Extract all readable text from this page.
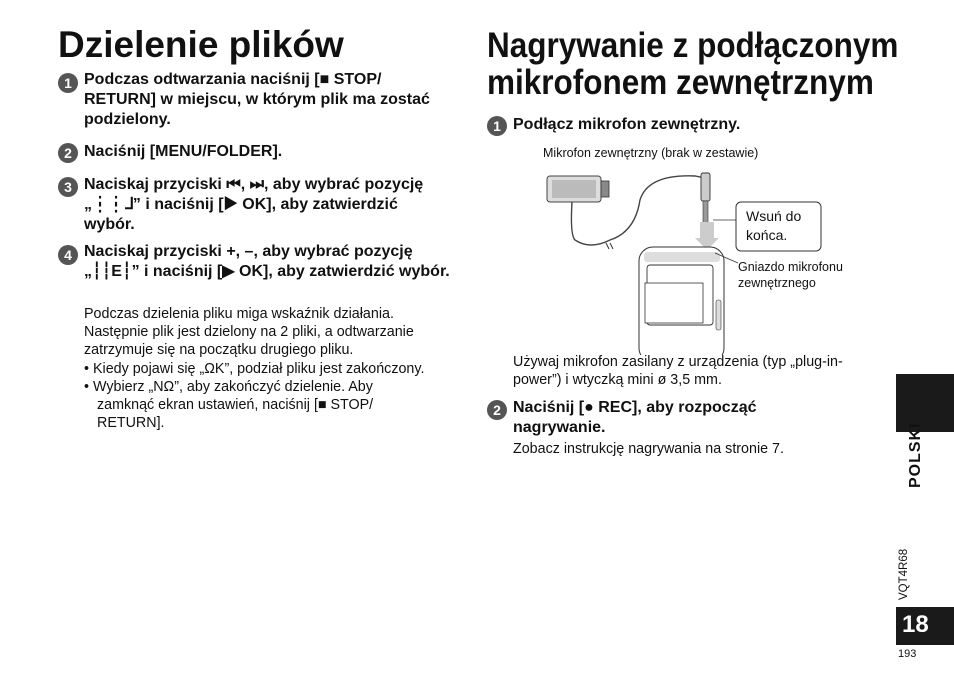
Dzielenie plików
1 Podczas odtwarzania naciśnij [■ STOP/ RETURN] w miejscu, w którym plik ma zostać podzielony.
2 Naciśnij [MENU/FOLDER].
3 Naciskaj przyciski ⏮, ⏭, aby wybrać pozycję „┆┆⅃” i naciśnij [▶ OK], aby zatwierdzić wybór.
4 Naciskaj przyciski +, –, aby wybrać pozycję „┆┆E┆” i naciśnij [▶ OK], aby zatwierdzić wybór.
Podczas dzielenia pliku miga wskaźnik działania. Następnie plik jest dzielony na 2 pliki, a odtwarzanie zatrzymuje się na początku drugiego pliku.
• Kiedy pojawi się „ΩK”, podział pliku jest zakończony.
• Wybierz „ΝΩ”, aby zakończyć dzielenie. Aby zamknąć ekran ustawień, naciśnij [■ STOP/ RETURN].
Nagrywanie z podłączonym
mikrofonem zewnętrznym
1 Podłącz mikrofon zewnętrzny.
Mikrofon zewnętrzny (brak w zestawie)
Wsuń do końca.
Gniazdo mikrofonu zewnętrznego
Używaj mikrofon zasilany z urządzenia (typ „plug-in-power”) i wtyczką mini ø 3,5 mm.
2 Naciśnij [● REC], aby rozpocząć nagrywanie.
Zobacz instrukcję nagrywania na stronie 7.	POLSKI
VQT4R68
18
193
